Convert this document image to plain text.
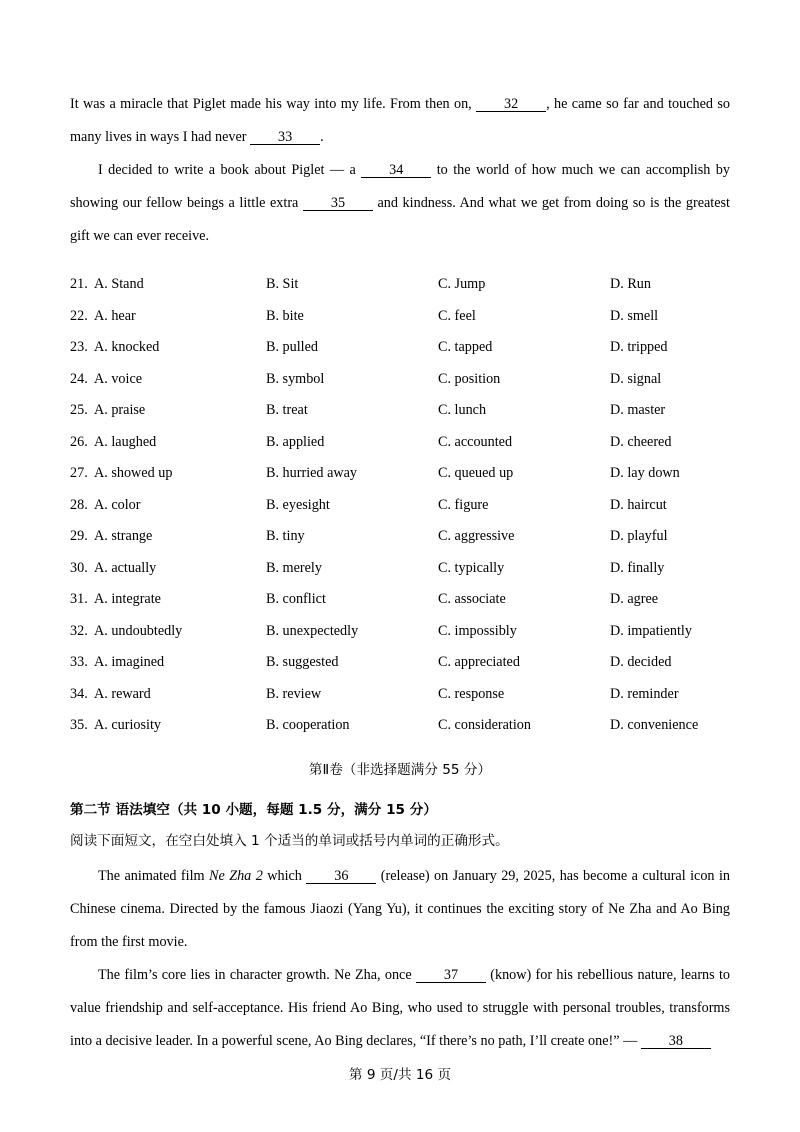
It was a miracle that Piglet made his way into my life. From then on, 32 , he came so far and touched so many lives in ways I had never 33 .

I decided to write a book about Piglet — a 34 to the world of how much we can accomplish by showing our fellow beings a little extra 35 and kindness. And what we get from doing so is the greatest gift we can ever receive.

21. A. Stand	B. Sit	C. Jump	D. Run
22. A. hear	B. bite	C. feel	D. smell
23. A. knocked	B. pulled	C. tapped	D. tripped
24. A. voice	B. symbol	C. position	D. signal
25. A. praise	B. treat	C. lunch	D. master
26. A. laughed	B. applied	C. accounted	D. cheered
27. A. showed up	B. hurried away	C. queued up	D. lay down
28. A. color	B. eyesight	C. figure	D. haircut
29. A. strange	B. tiny	C. aggressive	D. playful
30. A. actually	B. merely	C. typically	D. finally
31. A. integrate	B. conflict	C. associate	D. agree
32. A. undoubtedly	B. unexpectedly	C. impossibly	D. impatiently
33. A. imagined	B. suggested	C. appreciated	D. decided
34. A. reward	B. review	C. response	D. reminder
35. A. curiosity	B. cooperation	C. consideration	D. convenience
第Ⅱ卷（非选择题满分 55 分）
第二节 语法填空（共 10 小题，每题 1.5 分，满分 15 分）
阅读下面短文，在空白处填入 1 个适当的单词或括号内单词的正确形式。

The animated film Ne Zha 2 which 36 (release) on January 29, 2025, has become a cultural icon in Chinese cinema. Directed by the famous Jiaozi (Yang Yu), it continues the exciting story of Ne Zha and Ao Bing from the first movie.

The film’s core lies in character growth. Ne Zha, once 37 (know) for his rebellious nature, learns to value friendship and self-acceptance. His friend Ao Bing, who used to struggle with personal troubles, transforms into a decisive leader. In a powerful scene, Ao Bing declares, “If there’s no path, I’ll create one!” — 38

第 9 页/共 16 页
